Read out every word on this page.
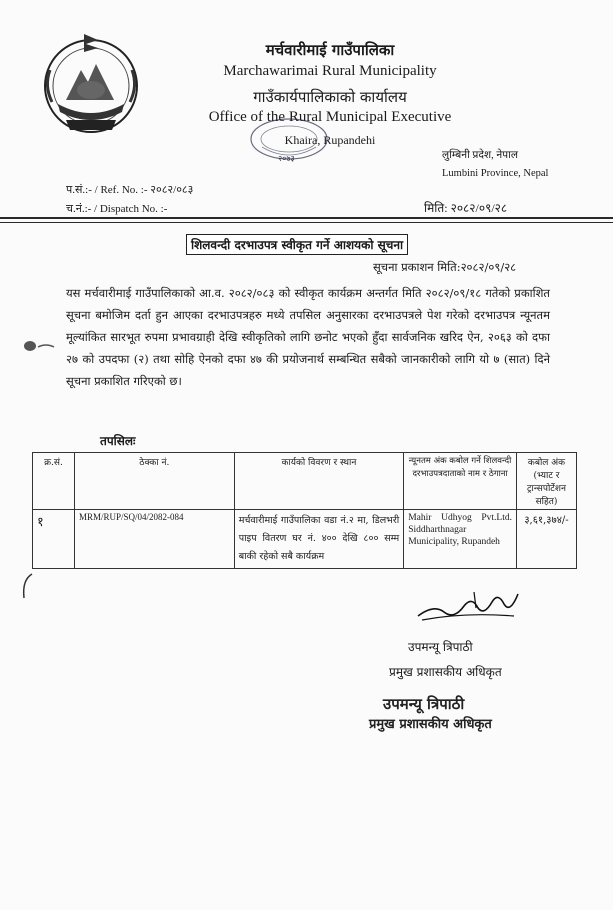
मर्चवारीमाई गाउँपालिका
Marchawarimai Rural Municipality
गाउँकार्यपालिकाको कार्यालय
Office of the Rural Municipal Executive
Khaira, Rupandehi
२०७३	लुम्बिनी प्रदेश, नेपाल
Lumbini Province, Nepal
प.सं.:- / Ref. No. :- २०८२/०८३
च.नं.:- / Dispatch No. :-	मिति: २०८२/०९/२८
शिलवन्दी दरभाउपत्र स्वीकृत गर्ने आशयको सूचना
सूचना प्रकाशन मिति:२०८२/०९/२८
यस मर्चवारीमाई गाउँपालिकाको आ.व. २०८२/०८३ को स्वीकृत कार्यक्रम अन्तर्गत मिति २०८२/०९/१८ गतेको प्रकाशित सूचना बमोजिम दर्ता हुन आएका दरभाउपत्रहरु मध्ये तपसिल अनुसारका दरभाउपत्रले पेश गरेको दरभाउपत्र न्यूनतम मूल्यांकित सारभूत रुपमा प्रभावग्राही देखि स्वीकृतिको लागि छनोट भएको हुँदा सार्वजनिक खरिद ऐन, २०६३ को दफा २७ को उपदफा (२) तथा सोहि ऐनको दफा ४७ की प्रयोजनार्थ सम्बन्धित सबैको जानकारीको लागि यो ७ (सात) दिने सूचना प्रकाशित गरिएको छ।
तपसिलः
क्र.सं.	ठेक्का नं.	कार्यको विवरण र स्थान	न्यूनतम अंक कबोल गर्ने शिलवन्दी दरभाउपत्रदाताको नाम र ठेगाना	कबोल अंक (भ्याट र ट्रान्सपोर्टेशन सहित)
१	MRM/RUP/SQ/04/2082-084	मर्चवारीमाई गाउँपालिका वडा नं.२ मा, डिलभरी पाइप वितरण घर नं. ४०० देखि ८०० सम्म बाकी रहेको सबै कार्यक्रम	Mahir Udhyog Pvt.Ltd. Siddharthnagar Municipality, Rupandeh	३,६१,३७४/-
उपमन्यू त्रिपाठी
प्रमुख प्रशासकीय अधिकृत
उपमन्यू त्रिपाठी
प्रमुख प्रशासकीय अधिकृत
